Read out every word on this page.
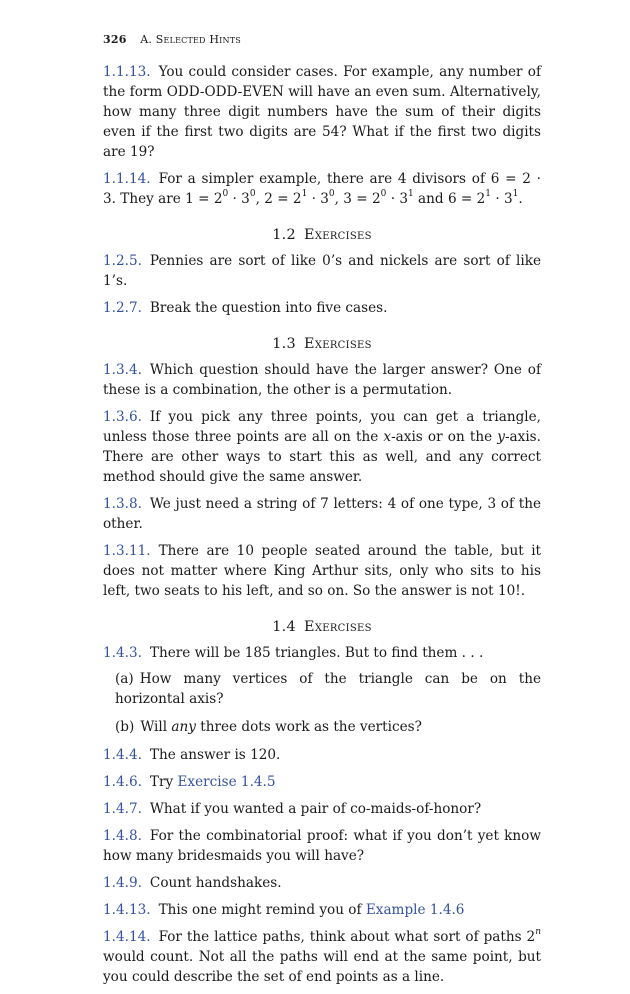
326 A. Selected Hints

1.1.13. You could consider cases. For example, any number of the form ODD-ODD-EVEN will have an even sum. Alternatively, how many three digit numbers have the sum of their digits even if the first two digits are 54? What if the first two digits are 19?

1.1.14. For a simpler example, there are 4 divisors of 6 = 2 · 3. They are $1 = 2^0 \cdot 3^0$, $2 = 2^1 \cdot 3^0$, $3 = 2^0 \cdot 3^1$ and $6 = 2^1 \cdot 3^1$.

1.2 Exercises

1.2.5. Pennies are sort of like 0’s and nickels are sort of like 1’s.

1.2.7. Break the question into five cases.

1.3 Exercises

1.3.4. Which question should have the larger answer? One of these is a combination, the other is a permutation.

1.3.6. If you pick any three points, you can get a triangle, unless those three points are all on the x-axis or on the y-axis. There are other ways to start this as well, and any correct method should give the same answer.

1.3.8. We just need a string of 7 letters: 4 of one type, 3 of the other.

1.3.11. There are 10 people seated around the table, but it does not matter where King Arthur sits, only who sits to his left, two seats to his left, and so on. So the answer is not 10!.

1.4 Exercises

1.4.3. There will be 185 triangles. But to find them . . .

(a) How many vertices of the triangle can be on the horizontal axis?
(b) Will any three dots work as the vertices?

1.4.4. The answer is 120.

1.4.6. Try Exercise 1.4.5

1.4.7. What if you wanted a pair of co-maids-of-honor?

1.4.8. For the combinatorial proof: what if you don’t yet know how many bridesmaids you will have?

1.4.9. Count handshakes.

1.4.13. This one might remind you of Example 1.4.6

1.4.14. For the lattice paths, think about what sort of paths 2$^n$ would count. Not all the paths will end at the same point, but you could describe the set of end points as a line.
